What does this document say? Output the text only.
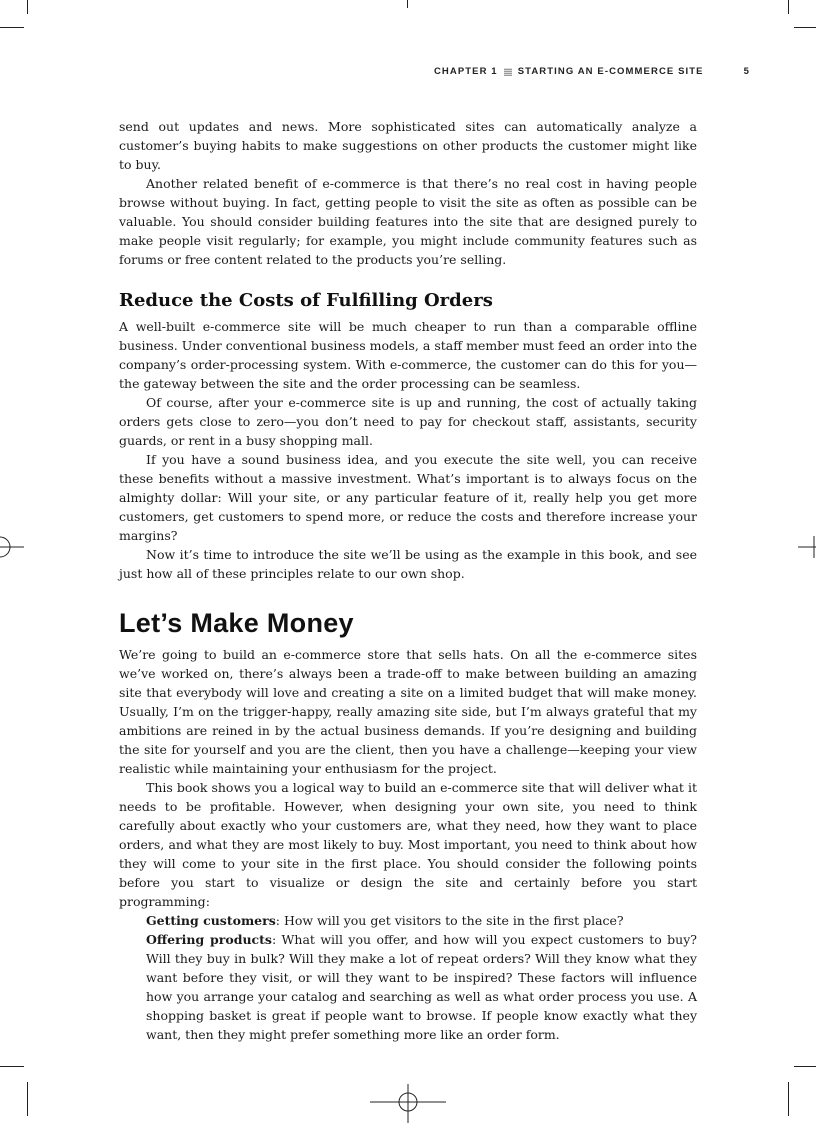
CHAPTER 1 STARTING AN E-COMMERCE SITE	5

send out updates and news. More sophisticated sites can automatically analyze a customer’s buying habits to make suggestions on other products the customer might like to buy.

Another related benefit of e-commerce is that there’s no real cost in having people browse without buying. In fact, getting people to visit the site as often as possible can be valuable. You should consider building features into the site that are designed purely to make people visit regularly; for example, you might include community features such as forums or free content related to the products you’re selling.

Reduce the Costs of Fulfilling Orders

A well-built e-commerce site will be much cheaper to run than a comparable offline business. Under conventional business models, a staff member must feed an order into the company’s order-processing system. With e-commerce, the customer can do this for you—the gateway between the site and the order processing can be seamless.

Of course, after your e-commerce site is up and running, the cost of actually taking orders gets close to zero—you don’t need to pay for checkout staff, assistants, security guards, or rent in a busy shopping mall.

If you have a sound business idea, and you execute the site well, you can receive these benefits without a massive investment. What’s important is to always focus on the almighty dollar: Will your site, or any particular feature of it, really help you get more customers, get customers to spend more, or reduce the costs and therefore increase your margins?

Now it’s time to introduce the site we’ll be using as the example in this book, and see just how all of these principles relate to our own shop.

Let’s Make Money

We’re going to build an e-commerce store that sells hats. On all the e-commerce sites we’ve worked on, there’s always been a trade-off to make between building an amazing site that everybody will love and creating a site on a limited budget that will make money. Usually, I’m on the trigger-happy, really amazing site side, but I’m always grateful that my ambitions are reined in by the actual business demands. If you’re designing and building the site for yourself and you are the client, then you have a challenge—keeping your view realistic while maintaining your enthusiasm for the project.

This book shows you a logical way to build an e-commerce site that will deliver what it needs to be profitable. However, when designing your own site, you need to think carefully about exactly who your customers are, what they need, how they want to place orders, and what they are most likely to buy. Most important, you need to think about how they will come to your site in the first place. You should consider the following points before you start to visualize or design the site and certainly before you start programming:

Getting customers: How will you get visitors to the site in the first place?

Offering products: What will you offer, and how will you expect customers to buy? Will they buy in bulk? Will they make a lot of repeat orders? Will they know what they want before they visit, or will they want to be inspired? These factors will influence how you arrange your catalog and searching as well as what order process you use. A shopping basket is great if people want to browse. If people know exactly what they want, then they might prefer something more like an order form.
